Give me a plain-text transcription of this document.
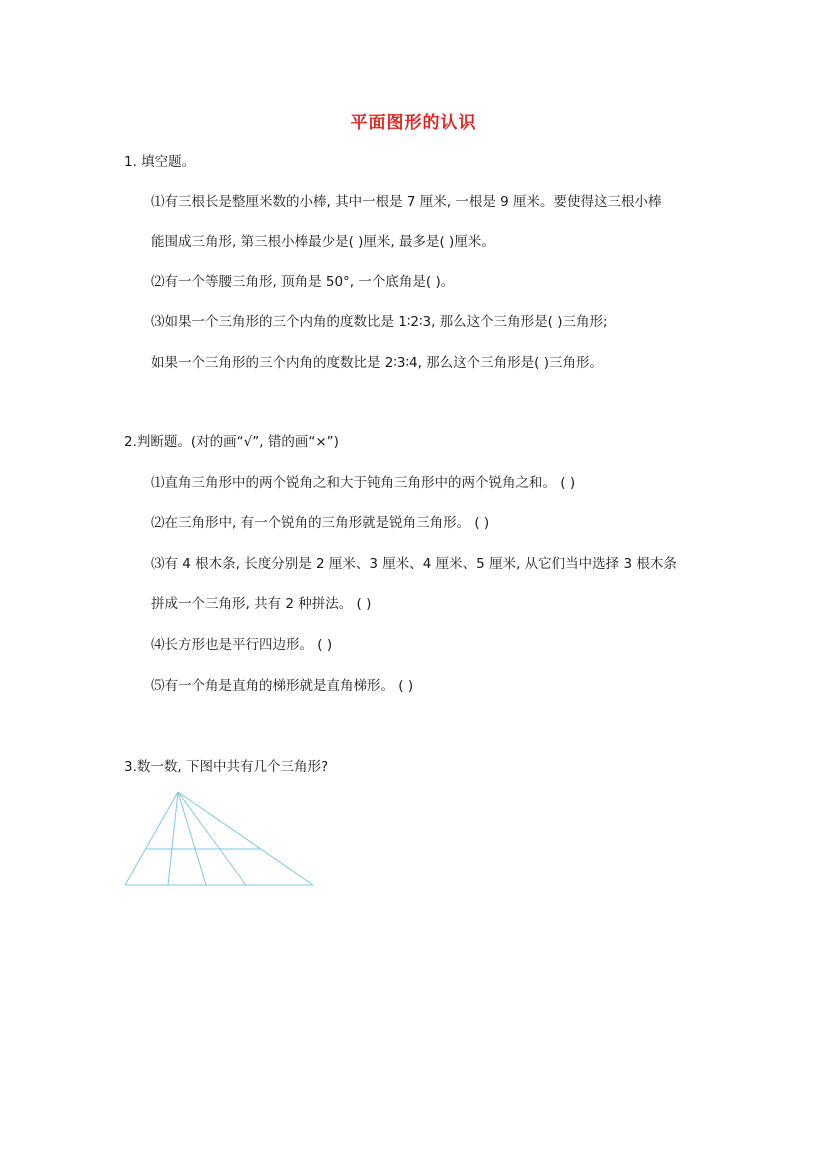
平面图形的认识
1. 填空题。
⑴有三根长是整厘米数的小棒, 其中一根是 7 厘米, 一根是 9 厘米。要使得这三根小棒
能围成三角形, 第三根小棒最少是( )厘米, 最多是( )厘米。
⑵有一个等腰三角形, 顶角是 50°, 一个底角是( )。
⑶如果一个三角形的三个内角的度数比是 1∶2∶3, 那么这个三角形是( )三角形;
如果一个三角形的三个内角的度数比是 2∶3∶4, 那么这个三角形是( )三角形。
2.判断题。(对的画“√”, 错的画“×”)
⑴直角三角形中的两个锐角之和大于钝角三角形中的两个锐角之和。 ( )
⑵在三角形中, 有一个锐角的三角形就是锐角三角形。 ( )
⑶有 4 根木条, 长度分别是 2 厘米、3 厘米、4 厘米、5 厘米, 从它们当中选择 3 根木条
拼成一个三角形, 共有 2 种拼法。 ( )
⑷长方形也是平行四边形。 ( )
⑸有一个角是直角的梯形就是直角梯形。 ( )
3.数一数, 下图中共有几个三角形?
